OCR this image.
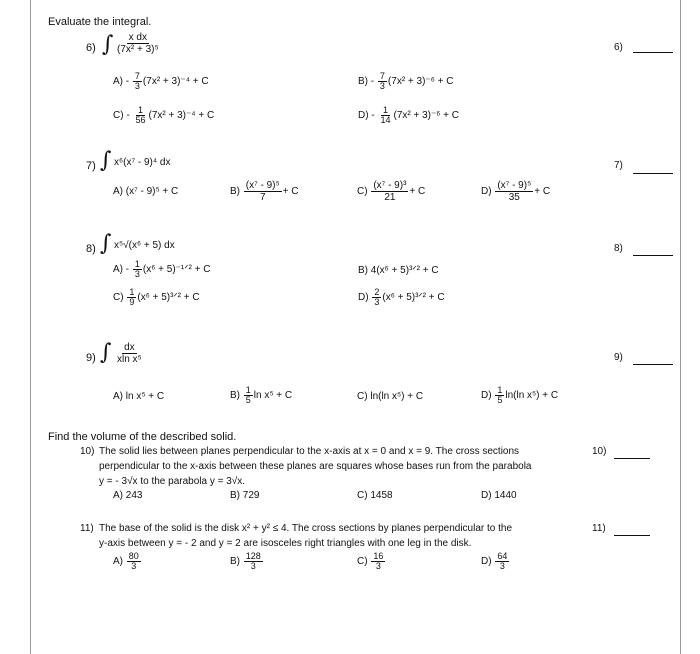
Evaluate the integral.
6) ∫ $\frac{\text{x dx}}{\text{(7x² + 3)⁵}}$	6)
$A) - \frac{7}{3} (7x^2 + 3)^{-4} + C$	$B) - \frac{7}{3} (7x^2 + 3)^{-6} + C$
$C) - \frac{1}{56} (7x^2 + 3)^{-4} + C$	$D) - \frac{1}{14} (7x^2 + 3)^{-6} + C$
7) ∫ x⁶(x⁷ - 9)⁴ dx	7)
A) (x⁷ - 9)⁵ + C	$B) \frac{\text{(x⁷ - 9)⁵}}{7} + C$	$C) \frac{\text{(x⁷ - 9)³}}{21} + C$	$D) \frac{\text{(x⁷ - 9)⁵}}{35} + C$
8) ∫ x⁵√(x⁶ + 5) dx	8)
$A) - \frac{1}{3} (x^6$ + 5)⁻¹ᐟ² + C	B) 4(x⁶ + 5)³ᐟ² + C
$C) \frac{1}{9} (x^6$ + 5)³ᐟ² + C	$D) \frac{2}{3} (x^6$ + 5)³ᐟ² + C
9) ∫ $\frac{dx}{\text{xln x⁵}}$	9)
A) ln x⁵ + C	$B) \frac{1}{5}$ ln x⁵ + C	C) ln(ln x⁵) + C	$D) \frac{1}{5} \ln(\ln$ x⁵) + C
Find the volume of the described solid.
10) The solid lies between planes perpendicular to the x-axis at x = 0 and x = 9. The cross sections
perpendicular to the x-axis between these planes are squares whose bases run from the parabola
y = - 3√x to the parabola y = 3√x.
10)
A) 243	B) 729	C) 1458	D) 1440
11) The base of the solid is the disk x² + y² ≤ 4. The cross sections by planes perpendicular to the
y-axis between y = - 2 and y = 2 are isosceles right triangles with one leg in the disk.
11)
$A) \frac{80}{3}$	$B) \frac{128}{3}$	$C) \frac{16}{3}$	$D) \frac{64}{3}$
